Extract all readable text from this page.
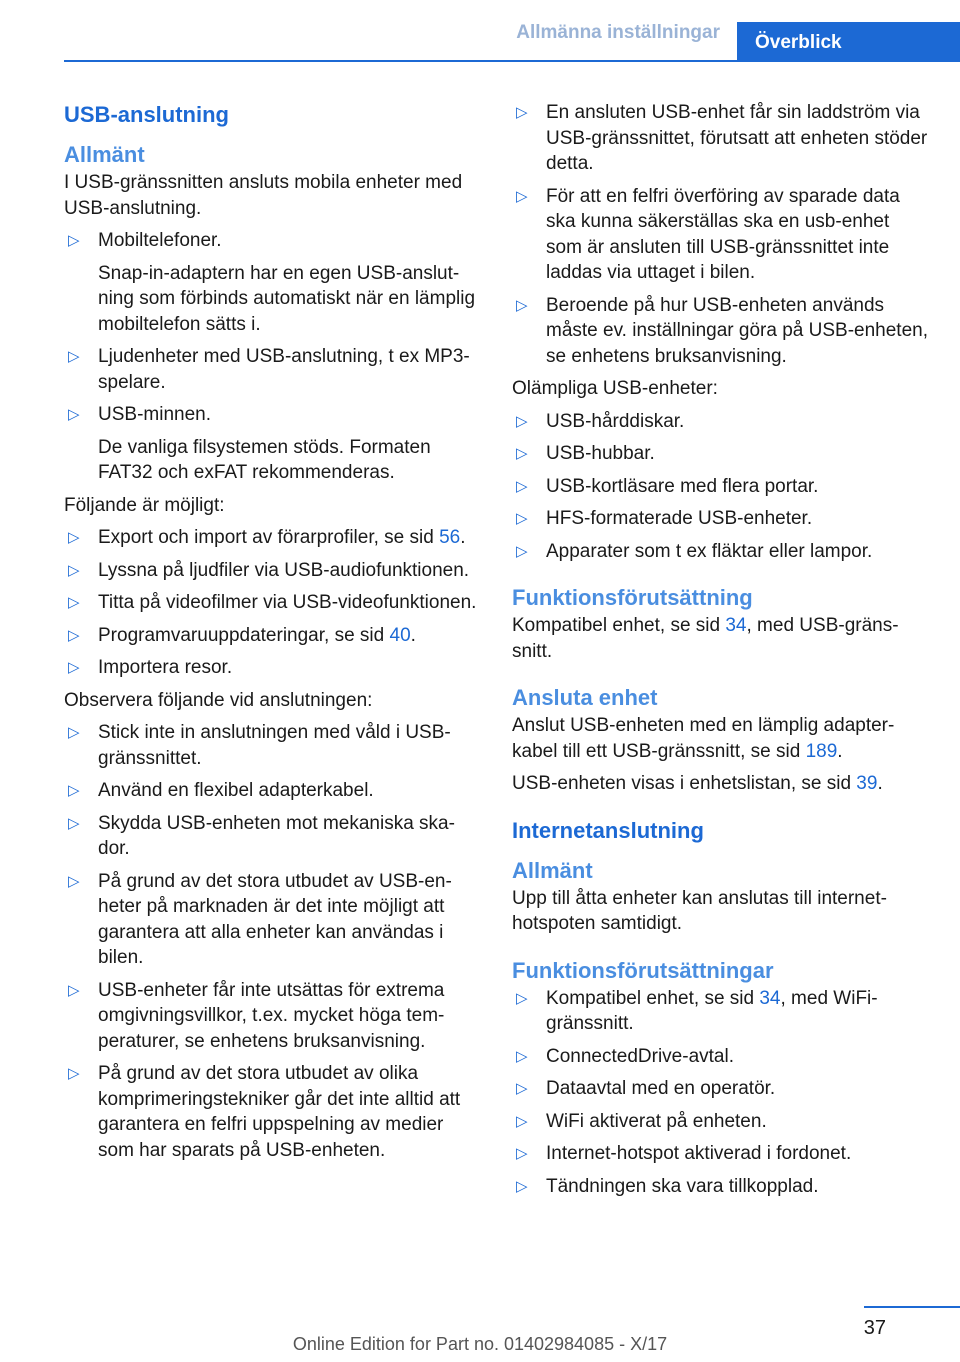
Allmänna inställningar	Överblick
USB-anslutning
Allmänt
I USB-gränssnitten ansluts mobila enheter med USB-anslutning.
▷ Mobiltelefoner.
Snap-in-adaptern har en egen USB-anslutning som förbinds automatiskt när en lämplig mobiltelefon sätts i.
▷ Ljudenheter med USB-anslutning, t ex MP3-spelare.
▷ USB-minnen.
De vanliga filsystemen stöds. Formaten FAT32 och exFAT rekommenderas.
Följande är möjligt:
▷ Export och import av förarprofiler, se sid 56.
▷ Lyssna på ljudfiler via USB-audiofunktionen.
▷ Titta på videofilmer via USB-videofunktionen.
▷ Programvaruuppdateringar, se sid 40.
▷ Importera resor.
Observera följande vid anslutningen:
▷ Stick inte in anslutningen med våld i USB-gränssnittet.
▷ Använd en flexibel adapterkabel.
▷ Skydda USB-enheten mot mekaniska skador.
▷ På grund av det stora utbudet av USB-enheter på marknaden är det inte möjligt att garantera att alla enheter kan användas i bilen.
▷ USB-enheter får inte utsättas för extrema omgivningsvillkor, t.ex. mycket höga temperaturer, se enhetens bruksanvisning.
▷ På grund av det stora utbudet av olika komprimeringstekniker går det inte alltid att garantera en felfri uppspelning av medier som har sparats på USB-enheten.
▷ En ansluten USB-enhet får sin laddström via USB-gränssnittet, förutsatt att enheten stöder detta.
▷ För att en felfri överföring av sparade data ska kunna säkerställas ska en usb-enhet som är ansluten till USB-gränssnittet inte laddas via uttaget i bilen.
▷ Beroende på hur USB-enheten används måste ev. inställningar göra på USB-enheten, se enhetens bruksanvisning.
Olämpliga USB-enheter:
▷ USB-hårddiskar.
▷ USB-hubbar.
▷ USB-kortläsare med flera portar.
▷ HFS-formaterade USB-enheter.
▷ Apparater som t ex fläktar eller lampor.
Funktionsförutsättning
Kompatibel enhet, se sid 34, med USB-gränssnitt.
Ansluta enhet
Anslut USB-enheten med en lämplig adapterkabel till ett USB-gränssnitt, se sid 189.
USB-enheten visas i enhetslistan, se sid 39.
Internetanslutning
Allmänt
Upp till åtta enheter kan anslutas till internet-hotspoten samtidigt.
Funktionsförutsättningar
▷ Kompatibel enhet, se sid 34, med WiFi-gränssnitt.
▷ ConnectedDrive-avtal.
▷ Dataavtal med en operatör.
▷ WiFi aktiverat på enheten.
▷ Internet-hotspot aktiverad i fordonet.
▷ Tändningen ska vara tillkopplad.
37
Online Edition for Part no. 01402984085 - X/17
